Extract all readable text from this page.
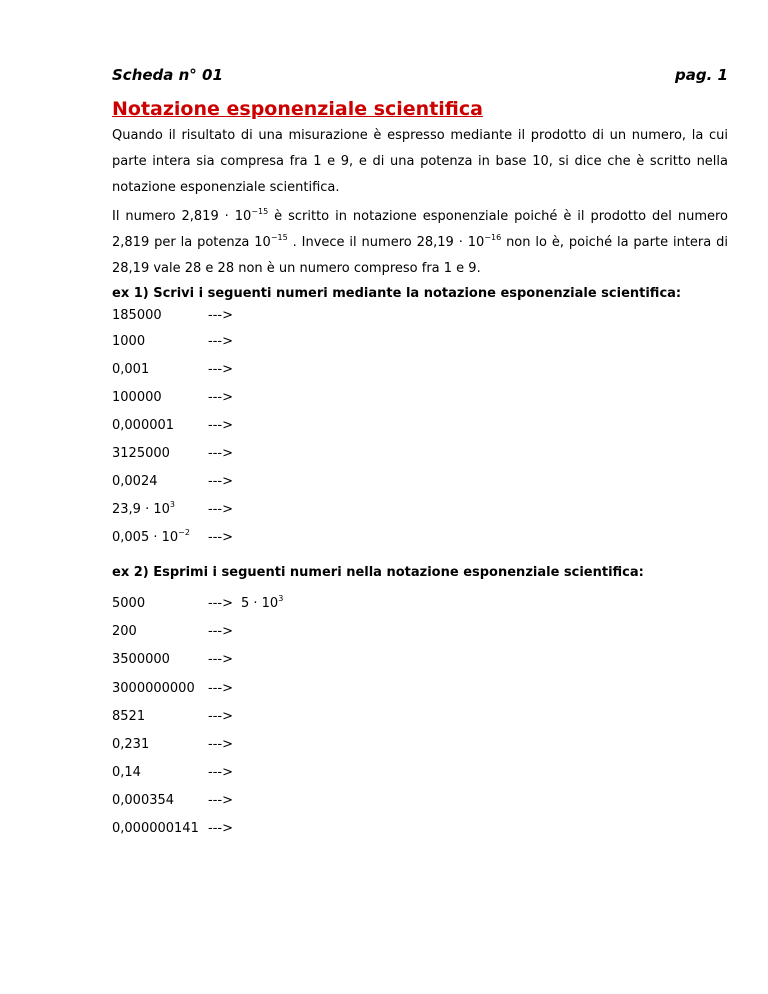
Scheda n° 01	pag. 1
Notazione esponenziale scientifica

Quando il risultato di una misurazione è espresso mediante il prodotto di un numero, la cui parte intera sia compresa fra 1 e 9, e di una potenza in base 10, si dice che è scritto nella notazione esponenziale scientifica.

Il numero $2,819 \cdot 10^{-15}$ è scritto in notazione esponenziale poiché è il prodotto del numero 2,819 per la potenza $10^{-15}$ . Invece il numero $28,19 \cdot 10^{-16}$ non lo è, poiché la parte intera di 28,19 vale 28 e 28 non è un numero compreso fra 1 e 9.

ex 1) Scrivi i seguenti numeri mediante la notazione esponenziale scientifica:
185000	--->
1000	--->
0,001	--->
100000	--->
0,000001	--->
3125000	--->
0,0024	--->
$23,9 \cdot 10^3$	--->
$0,005 \cdot 10^{-2}$	--->
ex 2) Esprimi i seguenti numeri nella notazione esponenziale scientifica:
5000	---> $5 \cdot 10^3$
200	--->
3500000	--->
3000000000	--->
8521	--->
0,231	--->
0,14	--->
0,000354	--->
0,000000141 --->
